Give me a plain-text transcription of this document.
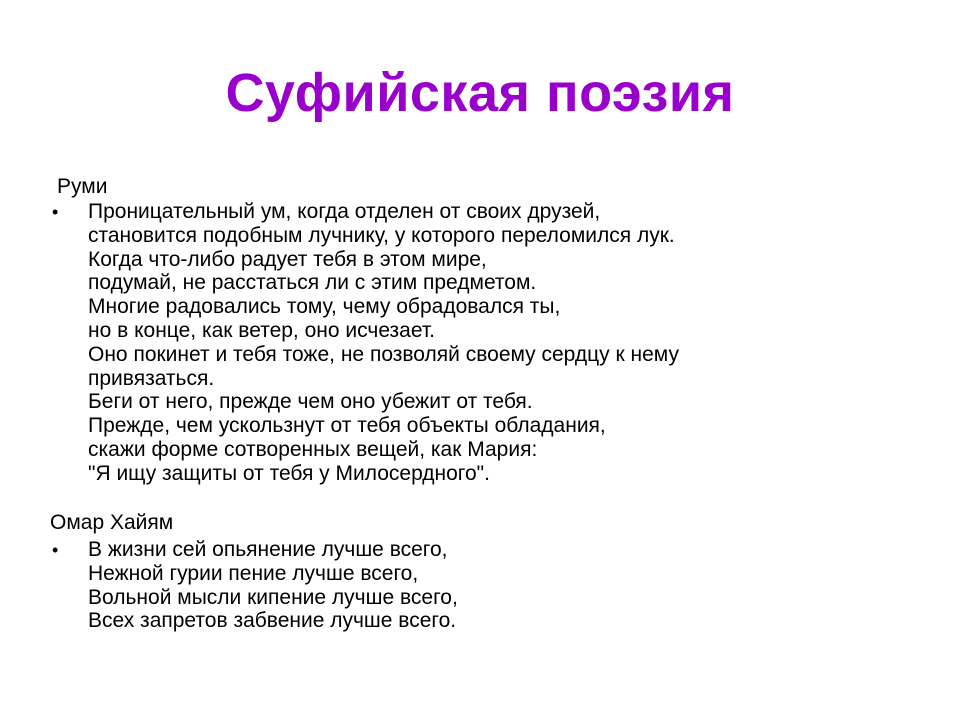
Суфийская поэзия
Руми
• Проницательный ум, когда отделен от своих друзей,
становится подобным лучнику, у которого переломился лук.
Когда что-либо радует тебя в этом мире,
подумай, не расстаться ли с этим предметом.
Многие радовались тому, чему обрадовался ты,
но в конце, как ветер, оно исчезает.
Оно покинет и тебя тоже, не позволяй своему сердцу к нему
привязаться.
Беги от него, прежде чем оно убежит от тебя.
Прежде, чем ускользнут от тебя объекты обладания,
скажи форме сотворенных вещей, как Мария:
"Я ищу защиты от тебя у Милосердного".
Омар Хайям
• В жизни сей опьянение лучше всего,
Нежной гурии пение лучше всего,
Вольной мысли кипение лучше всего,
Всех запретов забвение лучше всего.
